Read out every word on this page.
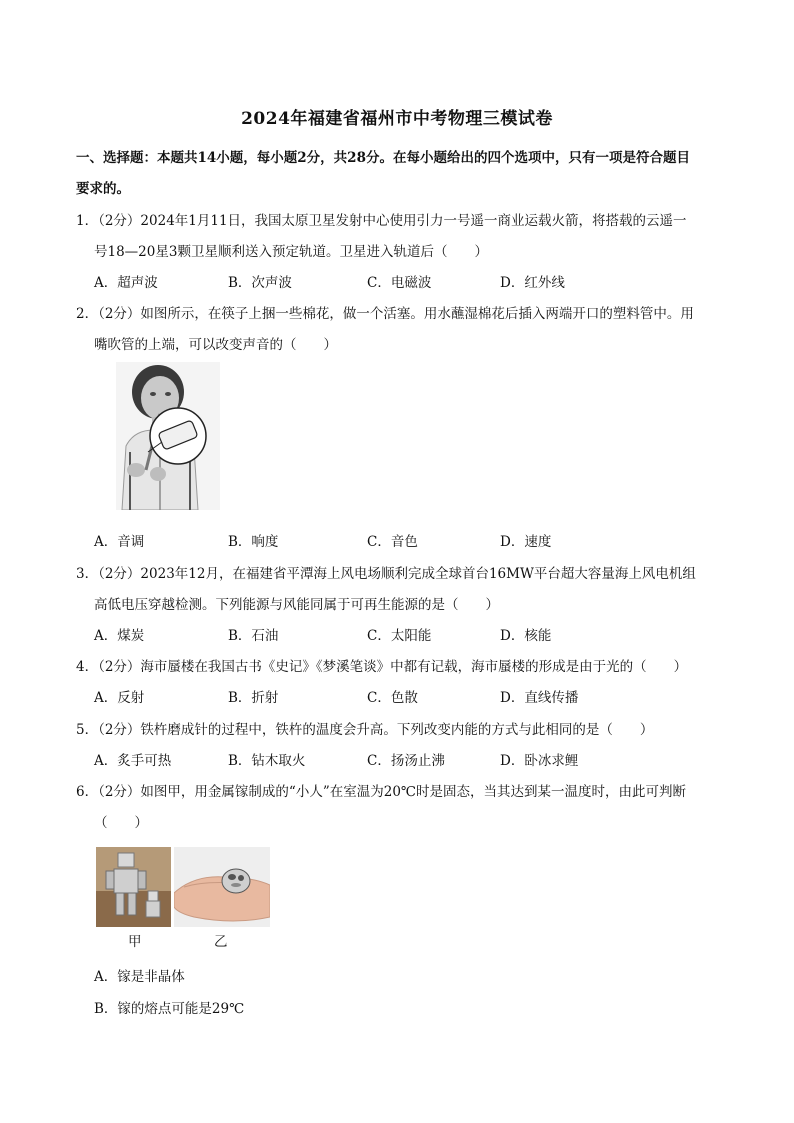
2024年福建省福州市中考物理三模试卷
一、选择题：本题共14小题，每小题2分，共28分。在每小题给出的四个选项中，只有一项是符合题目
要求的。
1．（2分）2024年1月11日，我国太原卫星发射中心使用引力一号遥一商业运载火箭，将搭载的云遥一
号18—20星3颗卫星顺利送入预定轨道。卫星进入轨道后（　　）
A．超声波	B．次声波	C．电磁波	D．红外线
2．（2分）如图所示，在筷子上捆一些棉花，做一个活塞。用水蘸湿棉花后插入两端开口的塑料管中。用
嘴吹管的上端，可以改变声音的（　　）
A．音调	B．响度	C．音色	D．速度
3．（2分）2023年12月，在福建省平潭海上风电场顺利完成全球首台16MW平台超大容量海上风电机组
高低电压穿越检测。下列能源与风能同属于可再生能源的是（　　）
A．煤炭	B．石油	C．太阳能	D．核能
4．（2分）海市蜃楼在我国古书《史记》《梦溪笔谈》中都有记载，海市蜃楼的形成是由于光的（　　）
A．反射	B．折射	C．色散	D．直线传播
5．（2分）铁杵磨成针的过程中，铁杵的温度会升高。下列改变内能的方式与此相同的是（　　）
A．炙手可热	B．钻木取火	C．扬汤止沸	D．卧冰求鲤
6．（2分）如图甲，用金属镓制成的“小人”在室温为20℃时是固态，当其达到某一温度时，由此可判断
（　　）
甲	乙
A．镓是非晶体
B．镓的熔点可能是29℃
